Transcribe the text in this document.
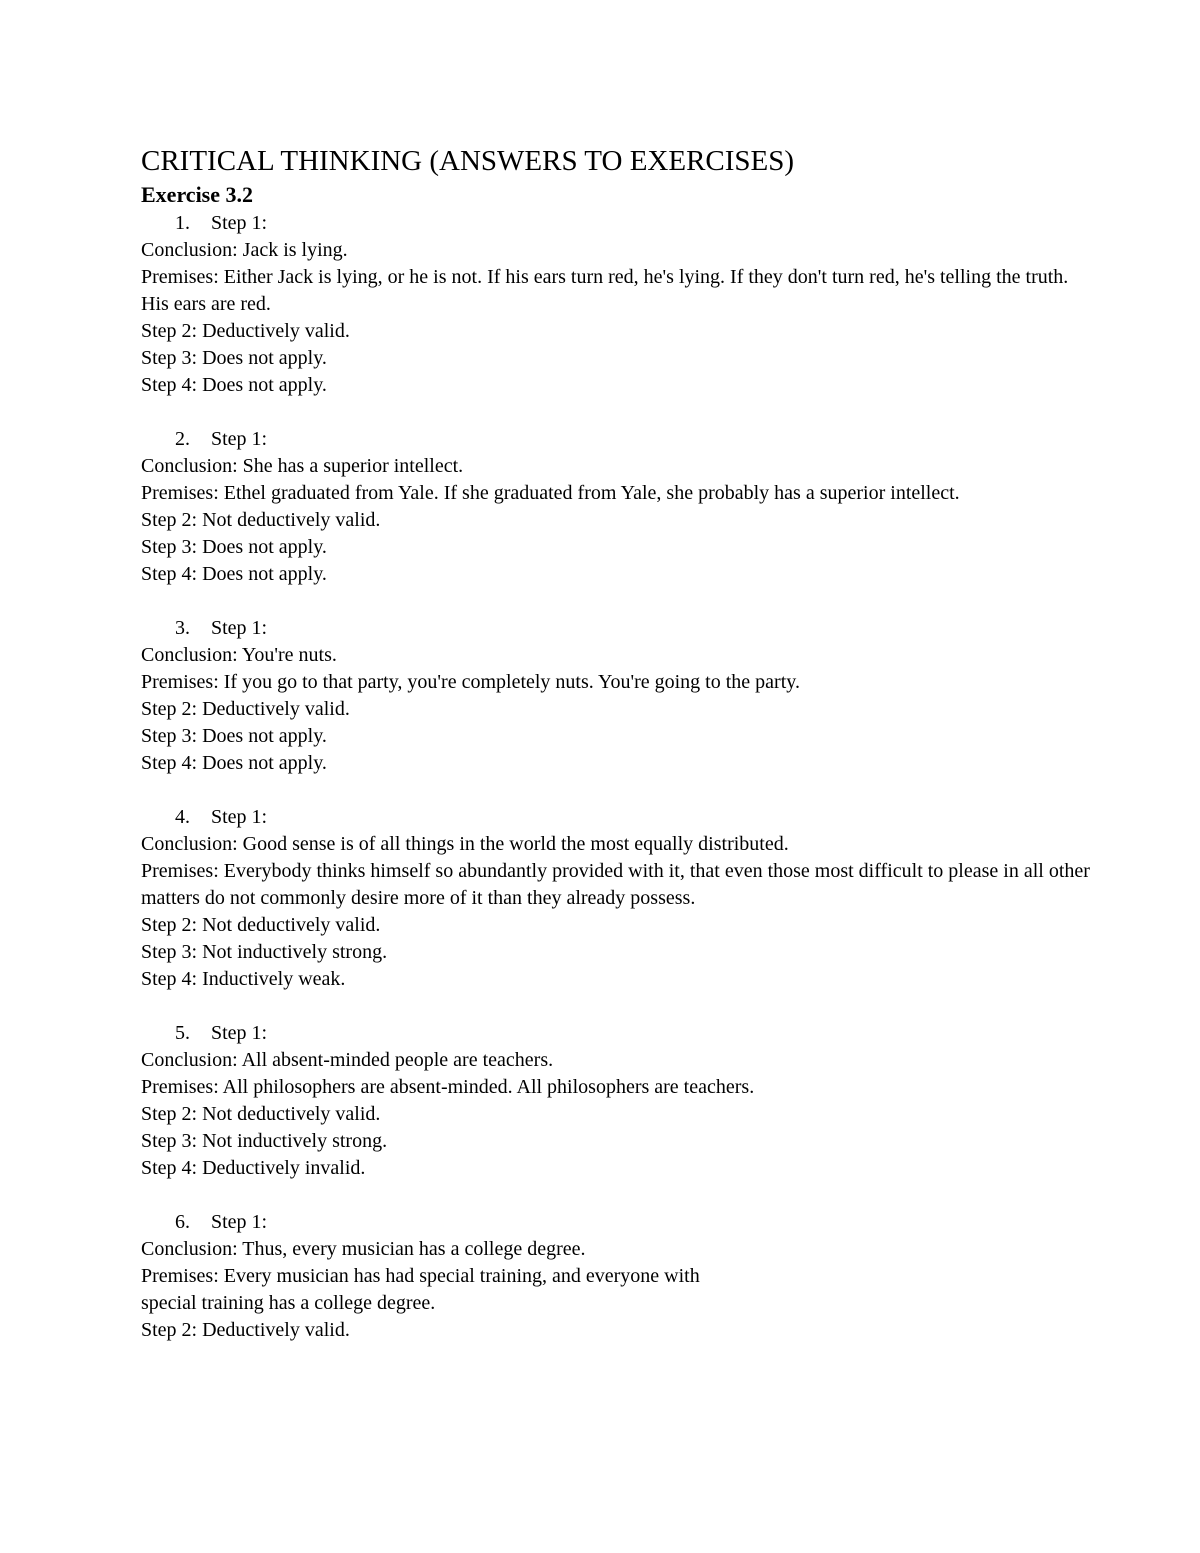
CRITICAL THINKING (ANSWERS TO EXERCISES)
Exercise 3.2
1. Step 1:
Conclusion: Jack is lying.
Premises: Either Jack is lying, or he is not. If his ears turn red, he's lying. If they don't turn red, he's telling the truth. His ears are red.
Step 2: Deductively valid.
Step 3: Does not apply.
Step 4: Does not apply.
2. Step 1:
Conclusion: She has a superior intellect.
Premises: Ethel graduated from Yale. If she graduated from Yale, she probably has a superior intellect.
Step 2: Not deductively valid.
Step 3: Does not apply.
Step 4: Does not apply.
3. Step 1:
Conclusion: You're nuts.
Premises: If you go to that party, you're completely nuts. You're going to the party.
Step 2: Deductively valid.
Step 3: Does not apply.
Step 4: Does not apply.
4. Step 1:
Conclusion: Good sense is of all things in the world the most equally distributed.
Premises: Everybody thinks himself so abundantly provided with it, that even those most difficult to please in all other matters do not commonly desire more of it than they already possess.
Step 2: Not deductively valid.
Step 3: Not inductively strong.
Step 4: Inductively weak.
5. Step 1:
Conclusion: All absent-minded people are teachers.
Premises: All philosophers are absent-minded. All philosophers are teachers.
Step 2: Not deductively valid.
Step 3: Not inductively strong.
Step 4: Deductively invalid.
6. Step 1:
Conclusion: Thus, every musician has a college degree.
Premises: Every musician has had special training, and everyone with
special training has a college degree.
Step 2: Deductively valid.
